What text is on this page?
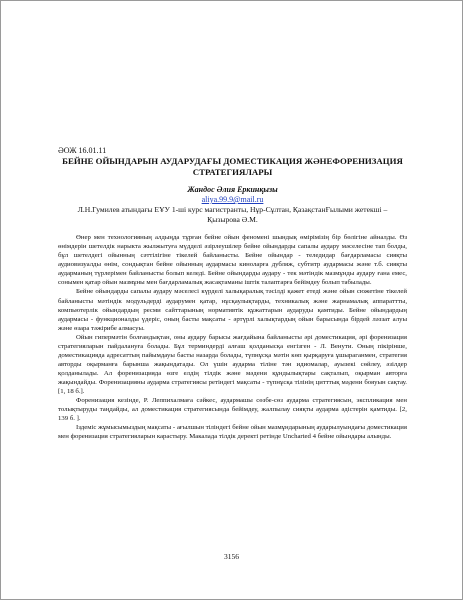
ӘОЖ 16.01.11
БЕЙНЕ ОЙЫНДАРЫН АУДАРУДАҒЫ ДОМЕСТИКАЦИЯ ЖӘНЕФОРЕНИЗАЦИЯ
СТРАТЕГИЯЛАРЫ
Жандос Әлия Еркинқызы
aliya.99.9@mail.ru
Л.Н.Гумилев атындағы ЕҰУ 1-ші курс магистранты, Нұр-Сұлтан, ҚазақстанҒылыми жетекші –
Қызырова Ә.М.

Өнер мен технологияның алдыңда тұрған бейне ойын феномені шындық өмірімізің бір бөлігіне айналды. Өз өнімдерін шетелдік нарыкта жылжытуға мүдделі әзірлеушілер бейне ойындарды сапалы аудару мәселесіне тап болды, бұл шетелдегі ойынның сәттілігіне тікелей байланысты. Бейне ойындар - теледидар бағдарламасы сияқты аудиовизуалды өнім, сондықтан бейне ойынның аудармасы киноларға дубляж, субтитр аудармасы және т.б. сияқты аударманың түрлерімен байланысты болып келеді. Бейне ойындарды аудару - тек мәтіндік мазмұнды аудару ғана емес, сонымен қатар ойын мазмұны мен бағдарламалық жасақтаманы іштік талаптарға бейімдеу болып табылады.

Бейне ойындарды сапалы аудару мәселесі күрделі халықаралық тәсілді қажет етеді және ойын сюжетіне тікелей байланысты мәтіндік модульдерді аударумен қатар, нұсқаулықтарды, техникалық және жарнамалық аппараттты, компьютерлік ойындардың ресми сайттарының нормативтік құжаттарын аударуды қамтиды. Бейне ойындардың аудармасы - функционалды үдеріс, оның басты мақсаты - әртүрлі халықтардың ойын барысында бірдей ләззат алуы және өзара тәжірибе алмасуы.

Ойын гипермәтін болғандықтан, оны аудару барысы жағдайына байланысты әрі доместикация, әрі форенизация стратегияларын пайдалануға болады. Бұл терминдерді алғаш қолданысқа енгізген - Л. Венути. Оның пікірінше, доместикацияда адресаттың пайымдауы басты назарда болады, түпнұсқа мәтін көп қырқаруға ұшыраганмен, стратегия авторды оқырманға барынша жақындатады. Ол үшін аударма тіліне тән идиомалар, ауызекі сөйлеу, әзілдер қолданылады. Ал форенизацияда өзге елдің тілдік және мәдени құндылықтары сақталып, оқырман авторға жақындайды. Форенизацияны аударма стратегиясы ретіндегі мақсаты - түпнұсқа тілінің цитттық мәдени бояуын сақтау. [1, 18 б.].

Форенизация кезінде, Р. Леппихалмаға сәйкес, аудармашы сөзбе-сөз аударма стратегиясын, экспликация мен толықтыруды таңдайды, ал доместикация стратегиясында бейімдеу, жалпылау сияқты аударма әдістерін қамтиды. [2, 139 б. ].

Іздеміс жұмысымыздың мақсаты - ағылшын тіліндегі бейне ойын мазмұндарының аударылуындағы доместикация мен форенизация стратегияларын карастыру. Макалада тілдік деректі ретінде Uncharted 4 бейне ойындары алынды.

3156
